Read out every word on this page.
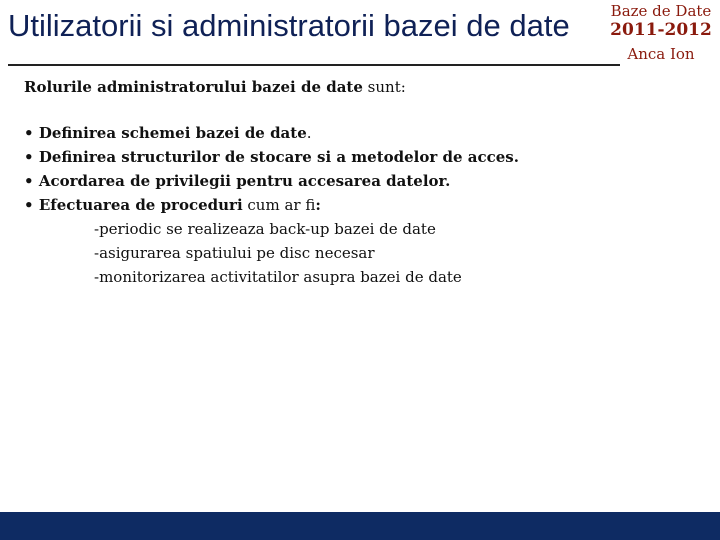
Utilizatorii si administratorii bazei de date	Baze de Date
2011-2012
Anca Ion

Rolurile administratorului bazei de date sunt:

• Definirea schemei bazei de date.
• Definirea structurilor de stocare si a metodelor de acces.
• Acordarea de privilegii pentru accesarea datelor.
• Efectuarea de proceduri cum ar fi:
-periodic se realizeaza back-up bazei de date
-asigurarea spatiului pe disc necesar
-monitorizarea activitatilor asupra bazei de date
